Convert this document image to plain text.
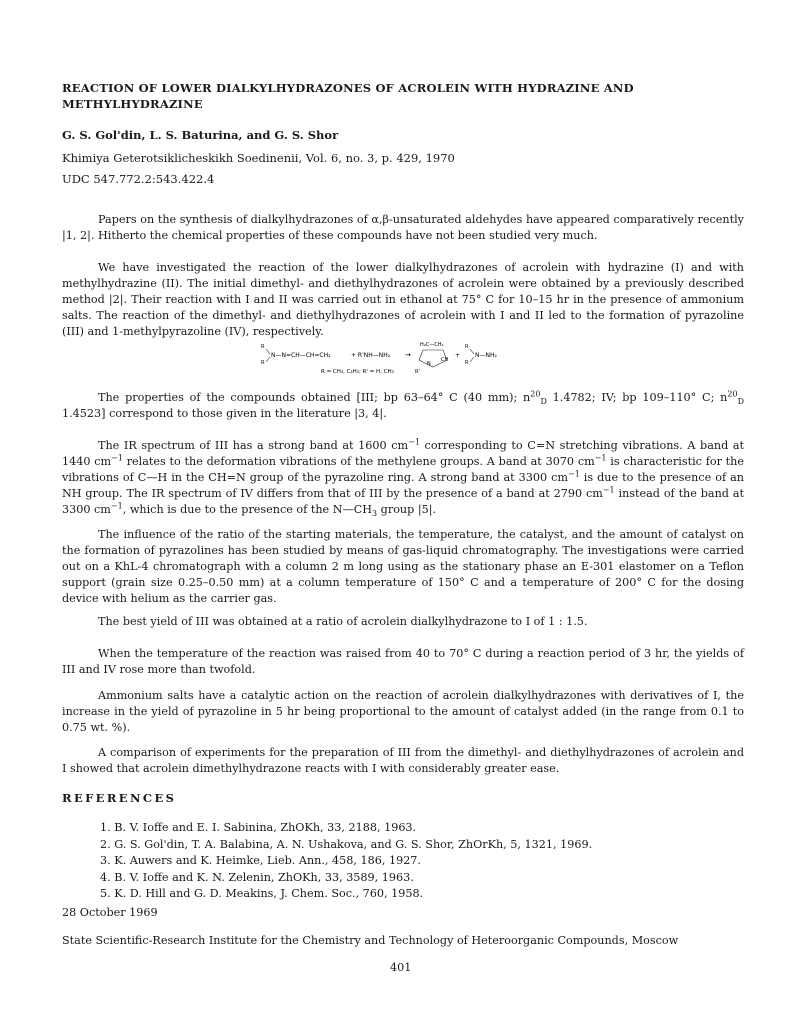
REACTION OF LOWER DIALKYLHYDRAZONES OF ACROLEIN WITH HYDRAZINE AND METHYLHYDRAZINE
G. S. Gol'din, L. S. Baturina, and G. S. Shor
Khimiya Geterotsiklicheskikh Soedinenii, Vol. 6, no. 3, p. 429, 1970
UDC 547.772.2:543.422.4

Papers on the synthesis of dialkylhydrazones of α,β-unsaturated aldehydes have appeared comparatively recently |1, 2|. Hitherto the chemical properties of these compounds have not been studied very much.

We have investigated the reaction of the lower dialkylhydrazones of acrolein with hydrazine (I) and with methylhydrazine (II). The initial dimethyl- and diethylhydrazones of acrolein were obtained by a previously described method |2|. Their reaction with I and II was carried out in ethanol at 75° C for 10–15 hr in the presence of ammonium salts. The reaction of the dimethyl- and diethylhydrazones of acrolein with I and II led to the formation of pyrazoline (III) and 1-methylpyrazoline (IV), respectively.

R
R
N—N=CH—CH=CH₂	+ R'NH—NH₂ →
H₂C—CH₂
CH
N
R'
+
R
R
N—NH₂
R = CH₃, C₂H₅; R' = H, CH₃

The properties of the compounds obtained [III; bp 63–64° C (40 mm); $n^{20}_D$ 1.4782; IV; bp 109–110° C; $n^{20}_D$ 1.4523] correspond to those given in the literature |3, 4|.

The IR spectrum of III has a strong band at 1600 $cm^{-1}$ corresponding to C=N stretching vibrations. A band at 1440 $cm^{-1}$ relates to the deformation vibrations of the methylene groups. A band at 3070 $cm^{-1}$ is characteristic for the vibrations of C—H in the CH=N group of the pyrazoline ring. A strong band at 3300 $cm^{-1}$ is due to the presence of an NH group. The IR spectrum of IV differs from that of III by the presence of a band at 2790 $cm^{-1}$ instead of the band at 3300 $cm^{-1}$, which is due to the presence of the $N—CH_3$ group |5|.

The influence of the ratio of the starting materials, the temperature, the catalyst, and the amount of catalyst on the formation of pyrazolines has been studied by means of gas-liquid chromatography. The investigations were carried out on a KhL-4 chromatograph with a column 2 m long using as the stationary phase an E-301 elastomer on a Teflon support (grain size 0.25–0.50 mm) at a column temperature of 150° C and a temperature of 200° C for the dosing device with helium as the carrier gas.

The best yield of III was obtained at a ratio of acrolein dialkylhydrazone to I of 1 : 1.5.

When the temperature of the reaction was raised from 40 to 70° C during a reaction period of 3 hr, the yields of III and IV rose more than twofold.

Ammonium salts have a catalytic action on the reaction of acrolein dialkylhydrazones with derivatives of I, the increase in the yield of pyrazoline in 5 hr being proportional to the amount of catalyst added (in the range from 0.1 to 0.75 wt. %).

A comparison of experiments for the preparation of III from the dimethyl- and diethylhydrazones of acrolein and I showed that acrolein dimethylhydrazone reacts with I with considerably greater ease.

REFERENCES
1. B. V. Ioffe and E. I. Sabinina, ZhOKh, 33, 2188, 1963.
2. G. S. Gol'din, T. A. Balabina, A. N. Ushakova, and G. S. Shor, ZhOrKh, 5, 1321, 1969.
3. K. Auwers and K. Heimke, Lieb. Ann., 458, 186, 1927.
4. B. V. Ioffe and K. N. Zelenin, ZhOKh, 33, 3589, 1963.
5. K. D. Hill and G. D. Meakins, J. Chem. Soc., 760, 1958.
28 October 1969
State Scientific-Research Institute for the Chemistry and Technology of Heteroorganic Compounds, Moscow
401
